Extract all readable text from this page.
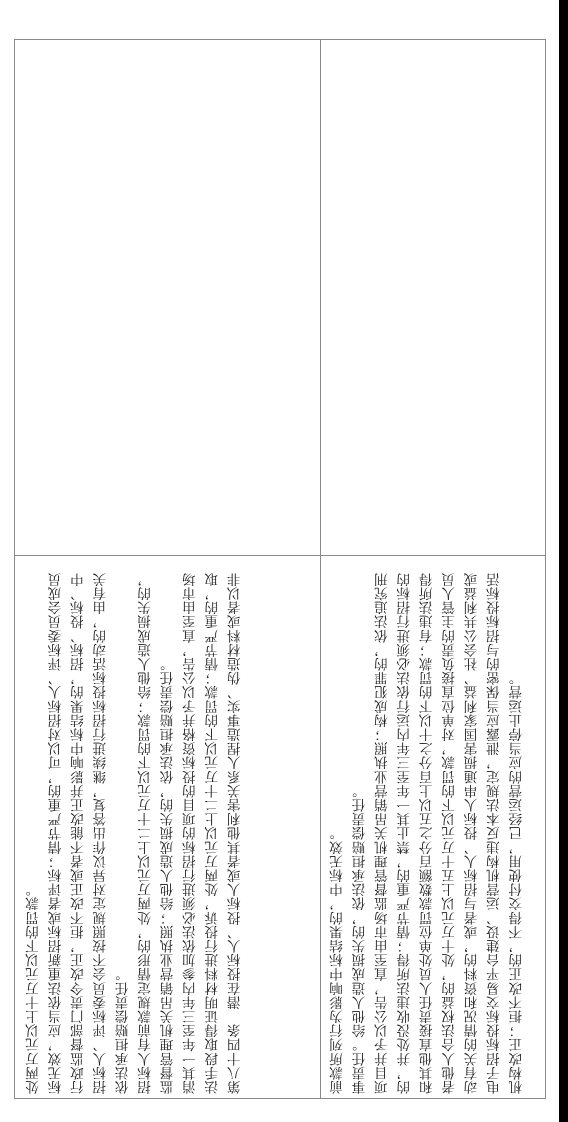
机构改正；拒不改正的，不得交付使用，已经运营的应当停止运营。

电子招标投标交易平台建设、运营机构违反本法规定，泄露应当保密的与招标投标活动有关的情况和资料的，或者与招标人、投标人串通损害国家利益、社会公共利益或者他人合法权益的，处十万元以上五十万元以下的罚款，对单位直接负责的主管人员和其他直接责任人员处单位罚款数额百分之五以上百分之十以下的罚款；有违法所得的，并处没收违法所得；情节严重的，禁止其一年至三年内运行依法必须进行招标的项目并予以公告，直至由市场监督管理机关吊销营业执照；构成犯罪的，依法追究刑事责任。给他人造成损失的，依法承担赔偿责任。

前款所列行为影响中标结果的，中标无效。

第八十四条　潜在投标人、投标人或者其他利害关系人捏造事实、伪造材料或者以非法手段取得证明材料进行投诉，处两万元以上二十万元以下的罚款；情节严重的，取消其一年至三年内参加依法必须进行招标的项目的投标资格并予以公告，直至由市场监督管理机关吊销营业执照；给他人造成损失的，依法承担赔偿责任。

招标人有前款规定情形的，处两万元以上二十万元以下的罚款；给他人造成损失的，依法承担赔偿责任。

招标人、评标委员会不按照规定对异议作出答复，继续进行招标投标活动的，由有关行政监督部门责令改正，拒不改正或者不能改正并影响中标结果的，招标、投标、中标无效，应当依法重新招标或者评标；情节严重的，可以对招标人、评标委员会成员处两万元以上十万元以下的罚款。
